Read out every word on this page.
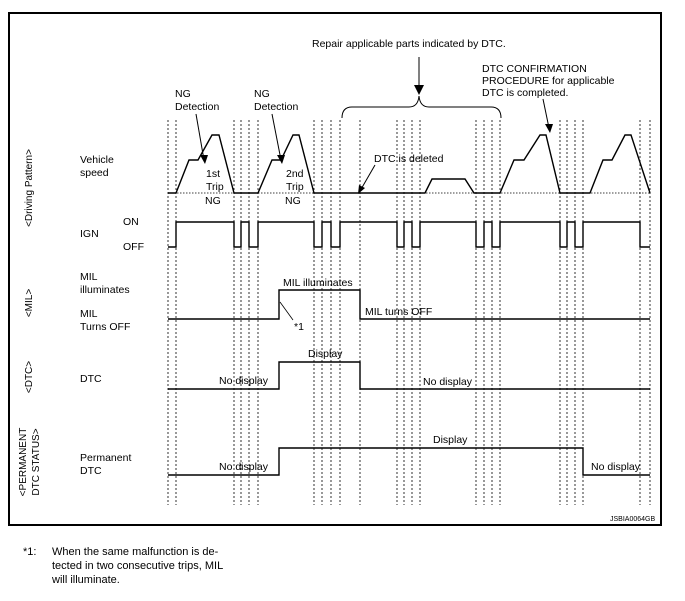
Repair applicable parts indicated by DTC.
DTC CONFIRMATION
PROCEDURE for applicable
DTC is completed.
NG
Detection
NG
Detection
1st
Trip
NG
2nd
Trip
NG
DTC is deleted
<Driving Pattern>
<MIL>
<DTC>
<PERMANENT DTC STATUS>
Vehicle
speed
IGN
ON
OFF
MIL
illuminates
MIL
Turns OFF
MIL illuminates
MIL turns OFF
*1
DTC
Display
No display	No display
Permanent
DTC
Display
No display	No display
JSBIA0064GB
*1: When the same malfunction is de-
tected in two consecutive trips, MIL
will illuminate.
